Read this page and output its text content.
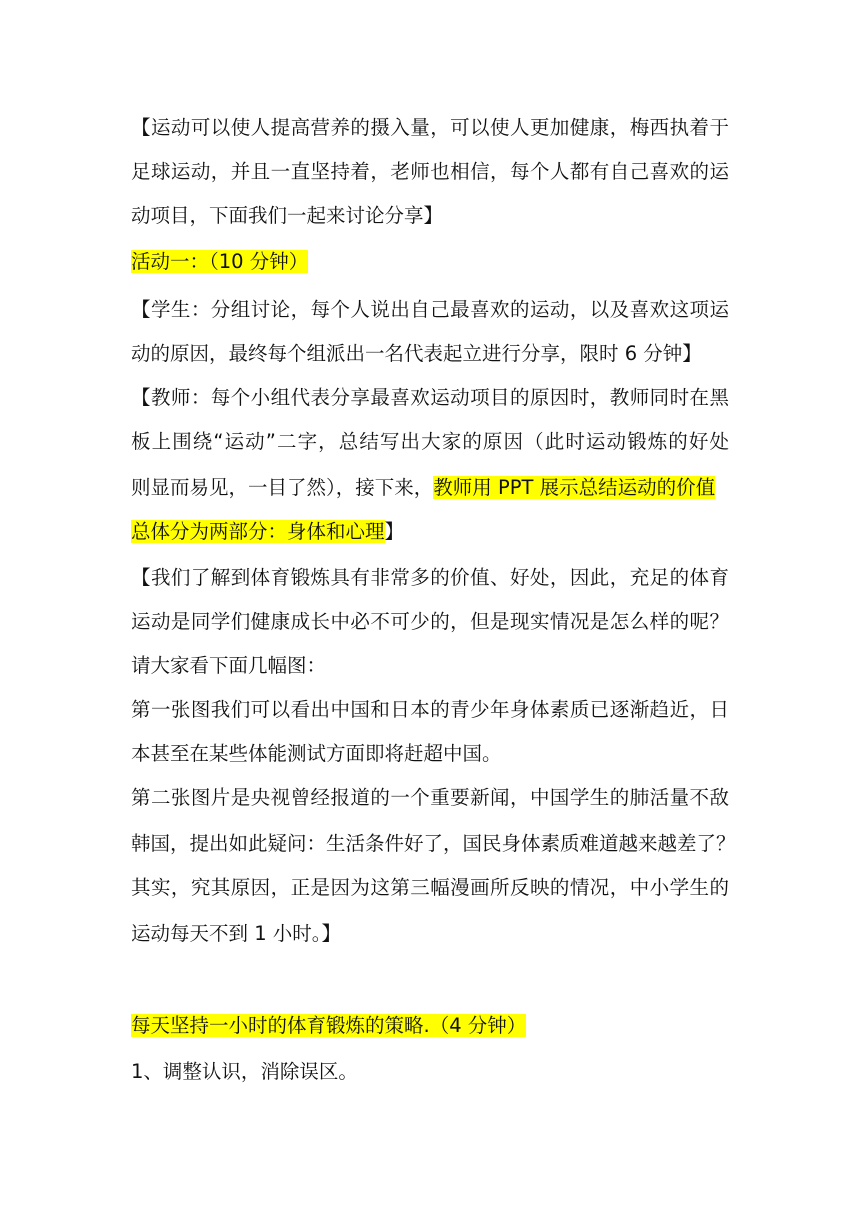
【运动可以使人提高营养的摄入量，可以使人更加健康，梅西执着于
足球运动，并且一直坚持着，老师也相信，每个人都有自己喜欢的运
动项目，下面我们一起来讨论分享】
活动一：（10 分钟）
【学生：分组讨论，每个人说出自己最喜欢的运动，以及喜欢这项运
动的原因，最终每个组派出一名代表起立进行分享，限时 6 分钟】
【教师：每个小组代表分享最喜欢运动项目的原因时，教师同时在黑
板上围绕“运动”二字，总结写出大家的原因（此时运动锻炼的好处
则显而易见，一目了然），接下来，教师用 PPT 展示总结运动的价值
总体分为两部分：身体和心理】
【我们了解到体育锻炼具有非常多的价值、好处，因此，充足的体育
运动是同学们健康成长中必不可少的，但是现实情况是怎么样的呢？
请大家看下面几幅图：
第一张图我们可以看出中国和日本的青少年身体素质已逐渐趋近，日
本甚至在某些体能测试方面即将赶超中国。
第二张图片是央视曾经报道的一个重要新闻，中国学生的肺活量不敌
韩国，提出如此疑问：生活条件好了，国民身体素质难道越来越差了？
其实，究其原因，正是因为这第三幅漫画所反映的情况，中小学生的
运动每天不到 1 小时。】
每天坚持一小时的体育锻炼的策略.（4 分钟）
1、调整认识，消除误区。
